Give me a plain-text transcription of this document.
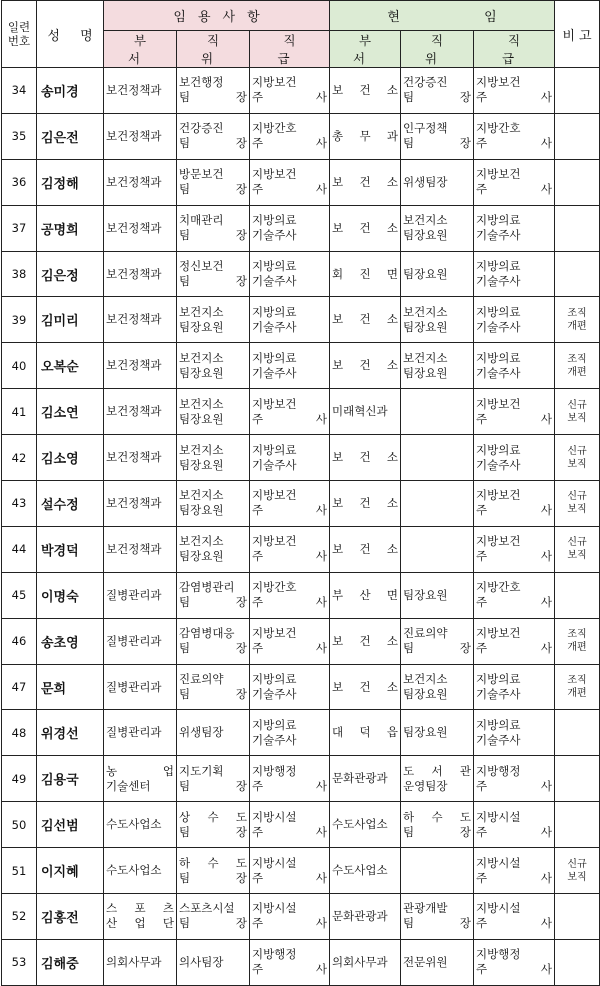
일련
번호	성 명	임용사항			현 임			비고
		부 서	직 위	직 급	부 서	직 위	직 급	
34	송미경	보건정책과	보건행정
팀 장	지방보건
주 사	보 건 소	건강증진
팀 장	지방보건
주 사	
35	김은전	보건정책과	건강증진
팀 장	지방간호
주 사	총 무 과	인구정책
팀 장	지방간호
주 사	
36	김정해	보건정책과	방문보건
팀 장	지방보건
주 사	보 건 소	위생팀장	지방보건
주 사	
37	공명희	보건정책과	치매관리
팀 장	지방의료
기술주사	보 건 소	보건지소
팀장요원	지방의료
기술주사	
38	김은정	보건정책과	정신보건
팀 장	지방의료
기술주사	회 진 면	팀장요원	지방의료
기술주사	
39	김미리	보건정책과	보건지소
팀장요원	지방의료
기술주사	보 건 소	보건지소
팀장요원	지방의료
기술주사	조직
개편
40	오복순	보건정책과	보건지소
팀장요원	지방의료
기술주사	보 건 소	보건지소
팀장요원	지방의료
기술주사	조직
개편
41	김소연	보건정책과	보건지소
팀장요원	지방보건
주 사	미래혁신과		지방보건
주 사	신규
보직
42	김소영	보건정책과	보건지소
팀장요원	지방의료
기술주사	보 건 소		지방의료
기술주사	신규
보직
43	설수정	보건정책과	보건지소
팀장요원	지방보건
주 사	보 건 소		지방보건
주 사	신규
보직
44	박경덕	보건정책과	보건지소
팀장요원	지방보건
주 사	보 건 소		지방보건
주 사	신규
보직
45	이명숙	질병관리과	감염병관리
팀 장	지방간호
주 사	부 산 면	팀장요원	지방간호
주 사	
46	송초영	질병관리과	감염병대응
팀 장	지방보건
주 사	보 건 소	진료의약
팀 장	지방보건
주 사	조직
개편
47	문희	질병관리과	진료의약
팀 장	지방의료
기술주사	보 건 소	보건지소
팀장요원	지방의료
기술주사	조직
개편
48	위경선	질병관리과	위생팀장	지방의료
기술주사	대 덕 읍	팀장요원	지방의료
기술주사	
49	김용국	농 업
기술센터	지도기획
팀 장	지방행정
주 사	문화관광과	도 서 관
운영팀장	지방행정
주 사	
50	김선범	수도사업소	상 수 도
팀 장	지방시설
주 사	수도사업소	하 수 도
팀 장	지방시설
주 사	
51	이지혜	수도사업소	하 수 도
팀 장	지방시설
주 사	수도사업소		지방시설
주 사	신규
보직
52	김홍전	스 포 츠
산 업 단	스포츠시설
팀 장	지방시설
주 사	문화관광과	관광개발
팀 장	지방시설
주 사	
53	김해중	의회사무과	의사팀장	지방행정
주 사	의회사무과	전문위원	지방행정
주 사	
